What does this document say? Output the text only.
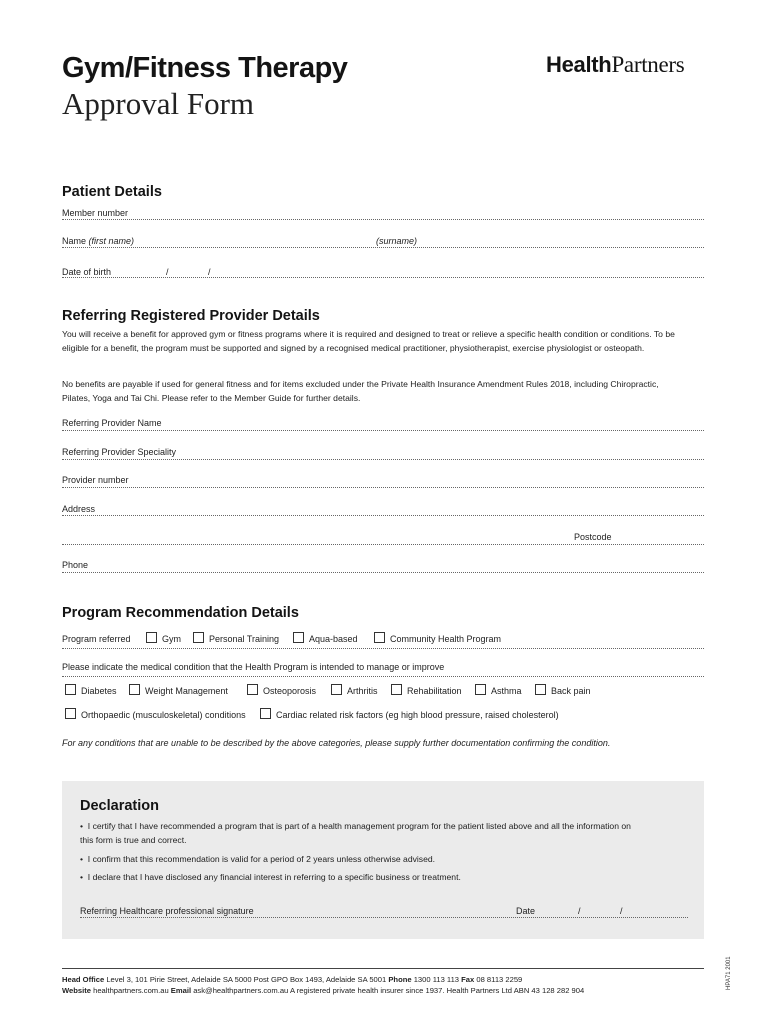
Gym/Fitness Therapy
Approval Form
HealthPartners
Patient Details
Member number
Name (first name)	(surname)
Date of birth	/	/
Referring Registered Provider Details
You will receive a benefit for approved gym or fitness programs where it is required and designed to treat or relieve a specific health condition or conditions. To be eligible for a benefit, the program must be supported and signed by a recognised medical practitioner, physiotherapist, exercise physiologist or osteopath.
No benefits are payable if used for general fitness and for items excluded under the Private Health Insurance Amendment Rules 2018, including Chiropractic, Pilates, Yoga and Tai Chi. Please refer to the Member Guide for further details.
Referring Provider Name
Referring Provider Speciality
Provider number
Address
Postcode
Phone
Program Recommendation Details
Program referred	Gym	Personal Training	Aqua-based	Community Health Program
Please indicate the medical condition that the Health Program is intended to manage or improve
Diabetes	Weight Management	Osteoporosis	Arthritis	Rehabilitation	Asthma	Back pain
Orthopaedic (musculoskeletal) conditions	Cardiac related risk factors (eg high blood pressure, raised cholesterol)
For any conditions that are unable to be described by the above categories, please supply further documentation confirming the condition.
Declaration
•  I certify that I have recommended a program that is part of a health management program for the patient listed above and all the information on this form is true and correct.
•  I confirm that this recommendation is valid for a period of 2 years unless otherwise advised.
•  I declare that I have disclosed any financial interest in referring to a specific business or treatment.
Referring Healthcare professional signature	Date	/	/
Head Office Level 3, 101 Pirie Street, Adelaide SA 5000 Post GPO Box 1493, Adelaide SA 5001 Phone 1300 113 113 Fax 08 8113 2259
Website healthpartners.com.au Email ask@healthpartners.com.au A registered private health insurer since 1937. Health Partners Ltd ABN 43 128 282 904
HPA71 2001
